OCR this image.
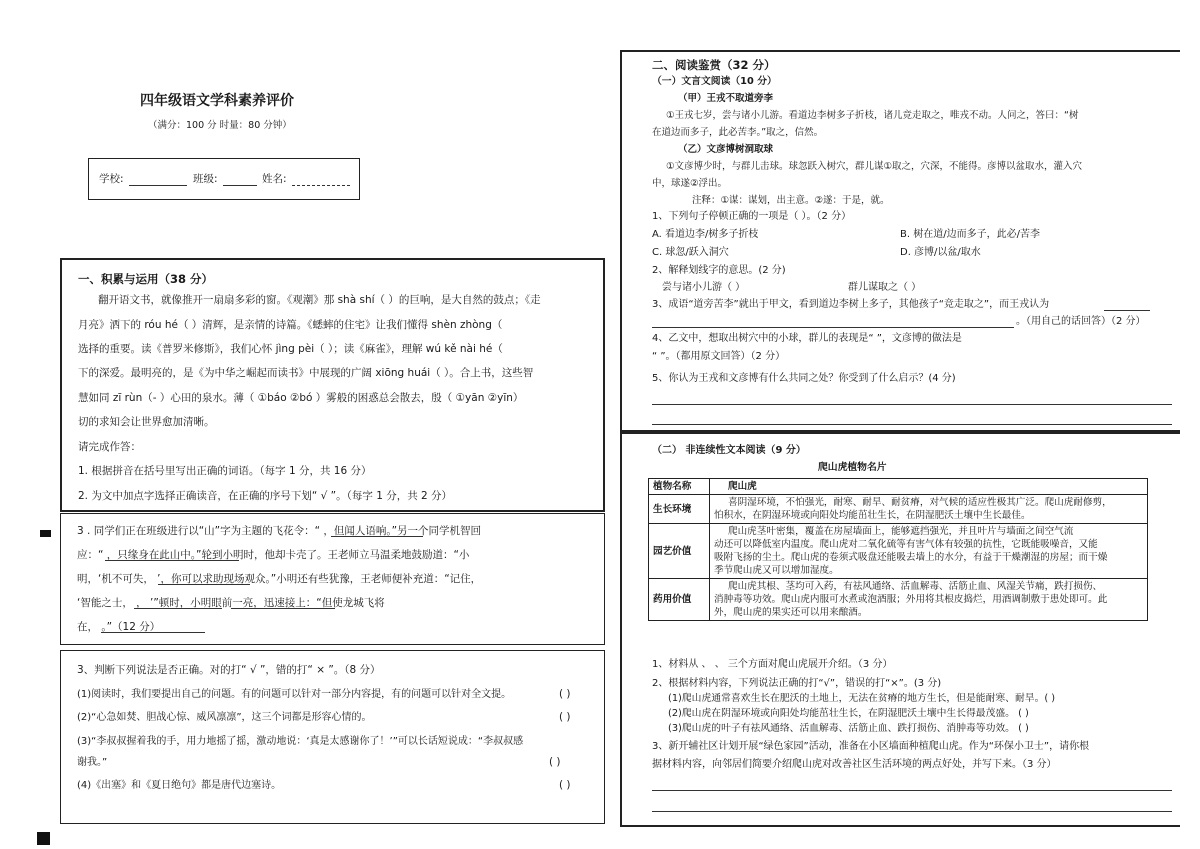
四年级语文学科素养评价
（满分：100 分 时量：80 分钟）
学校:	班级:	姓名:
一、积累与运用（38 分）
翻开语文书，就像推开一扇扇多彩的窗。《观潮》那 shà shí（ ）的巨响，是大自然的鼓点；《走
月亮》洒下的 róu hé（ ）清辉，是亲情的诗篇。《蟋蟀的住宅》让我们懂得 shèn zhòng（
选择的重要。读《普罗米修斯》，我们心怀 jìng pèi（ ）；读《麻雀》，理解 wú kě nài hé（
下的深爱。最明亮的，是《为中华之崛起而读书》中展现的广阔 xiōng huái（ ）。合上书，这些智
慧如同 zī rùn（- ）心田的泉水。薄（ ①báo ②bó ）雾般的困惑总会散去，殷（ ①yān ②yīn）
切的求知会让世界愈加清晰。
请完成作答：
1. 根据拼音在括号里写出正确的词语。（每字 1 分，共 16 分）
2. 为文中加点字选择正确读音，在正确的序号下划“ √ ”。（每字 1 分，共 2 分）
3 . 同学们正在班级进行以“山”字为主题的飞花令：“ ，但闻人语响。”另一个同学机智回
应：“ ，只缘身在此山中。”轮到小明时，他却卡壳了。王老师立马温柔地鼓励道：“小
明，‘机不可失， ’，你可以求助现场观众。”小明还有些犹豫，王老师便补充道：“记住，
‘智能之士， ， ’”顿时，小明眼前一亮，迅速接上：“但使龙城飞将
在， 。”（12 分）
3、判断下列说法是否正确。对的打“ √ ”，错的打“ × ”。（8 分）
(1)阅读时，我们要提出自己的问题。有的问题可以针对一部分内容提，有的问题可以针对全文提。	( )
(2)“心急如焚、胆战心惊、威风凛凛”，这三个词都是形容心情的。	( )
(3)“李叔叔握着我的手，用力地摇了摇，激动地说：‘真是太感谢你了！’”可以长话短说成：“李叔叔感
谢我。”	( )
(4)《出塞》和《夏日绝句》都是唐代边塞诗。	( )
二、阅读鉴赏（32 分）
（一）文言文阅读（10 分）
（甲）王戎不取道旁李
①王戎七岁，尝与诸小儿游。看道边李树多子折枝，诸儿竞走取之，唯戎不动。人问之，答曰：“树
在道边而多子，此必苦李。”取之，信然。
（乙）文彦博树洞取球
①文彦博少时，与群儿击球。球忽跃入树穴，群儿谋①取之，穴深，不能得。彦博以盆取水，灌入穴
中，球遂②浮出。
注释：①谋：谋划，出主意。②遂：于是，就。
1、下列句子停顿正确的一项是（ ）。（2 分）
A. 看道边李/树多子折枝	B. 树在道/边而多子，此必/苦李
C. 球忽/跃入洞穴	D. 彦博/以盆/取水
2、解释划线字的意思。(2 分)
尝与诸小儿游（ ）	群儿谋取之（ ）
3、成语“道旁苦李”就出于甲文，看到道边李树上多子，其他孩子“竞走取之”，而王戎认为
。（用自己的话回答）（2 分）
4、乙文中，想取出树穴中的小球，群儿的表现是“ ”，文彦博的做法是
“ ”。（都用原文回答）（2 分）
5、你认为王戎和文彦博有什么共同之处？你受到了什么启示？(4 分)
（二） 非连续性文本阅读（9 分）
爬山虎植物名片
植物名称	爬山虎

生长环境	喜阴湿环境，不怕强光，耐寒、耐旱、耐贫瘠，对气候的适应性极其广泛。爬山虎耐修剪，
怕积水，在阴湿环境或向阳处均能茁壮生长，在阴湿肥沃土壤中生长最佳。

园艺价值	爬山虎茎叶密集，覆盖在房屋墙面上，能够遮挡强光，并且叶片与墙面之间空气流
动还可以降低室内温度。爬山虎对二氧化硫等有害气体有较强的抗性，它既能吸噪音，又能
吸附飞扬的尘土。爬山虎的卷须式吸盘还能吸去墙上的水分，有益于干燥潮湿的房屋；而干燥
季节爬山虎又可以增加湿度。

药用价值	爬山虎其根、茎均可入药，有祛风通络、活血解毒、活筋止血、风湿关节痛，跌打损伤、
消肿毒等功效。爬山虎内服可水煮或泡酒服；外用将其根皮捣烂，用酒调制敷于患处即可。此
外，爬山虎的果实还可以用来酿酒。
1、材料从 、 、 三个方面对爬山虎展开介绍。（3 分）
2、根据材料内容，下列说法正确的打“√”，错误的打“×”。(3 分)
(1)爬山虎通常喜欢生长在肥沃的土地上，无法在贫瘠的地方生长，但是能耐寒、耐旱。( )
(2)爬山虎在阴湿环境或向阳处均能茁壮生长，在阴湿肥沃土壤中生长得最茂盛。 ( )
(3)爬山虎的叶子有祛风通络、活血解毒、活筋止血、跌打损伤、消肿毒等功效。 ( )
3、新开辅社区计划开展“绿色家园”活动，准备在小区墙面种植爬山虎。作为“环保小卫士”，请你根
据材料内容，向邻居们简要介绍爬山虎对改善社区生活环境的两点好处，并写下来。（3 分）
